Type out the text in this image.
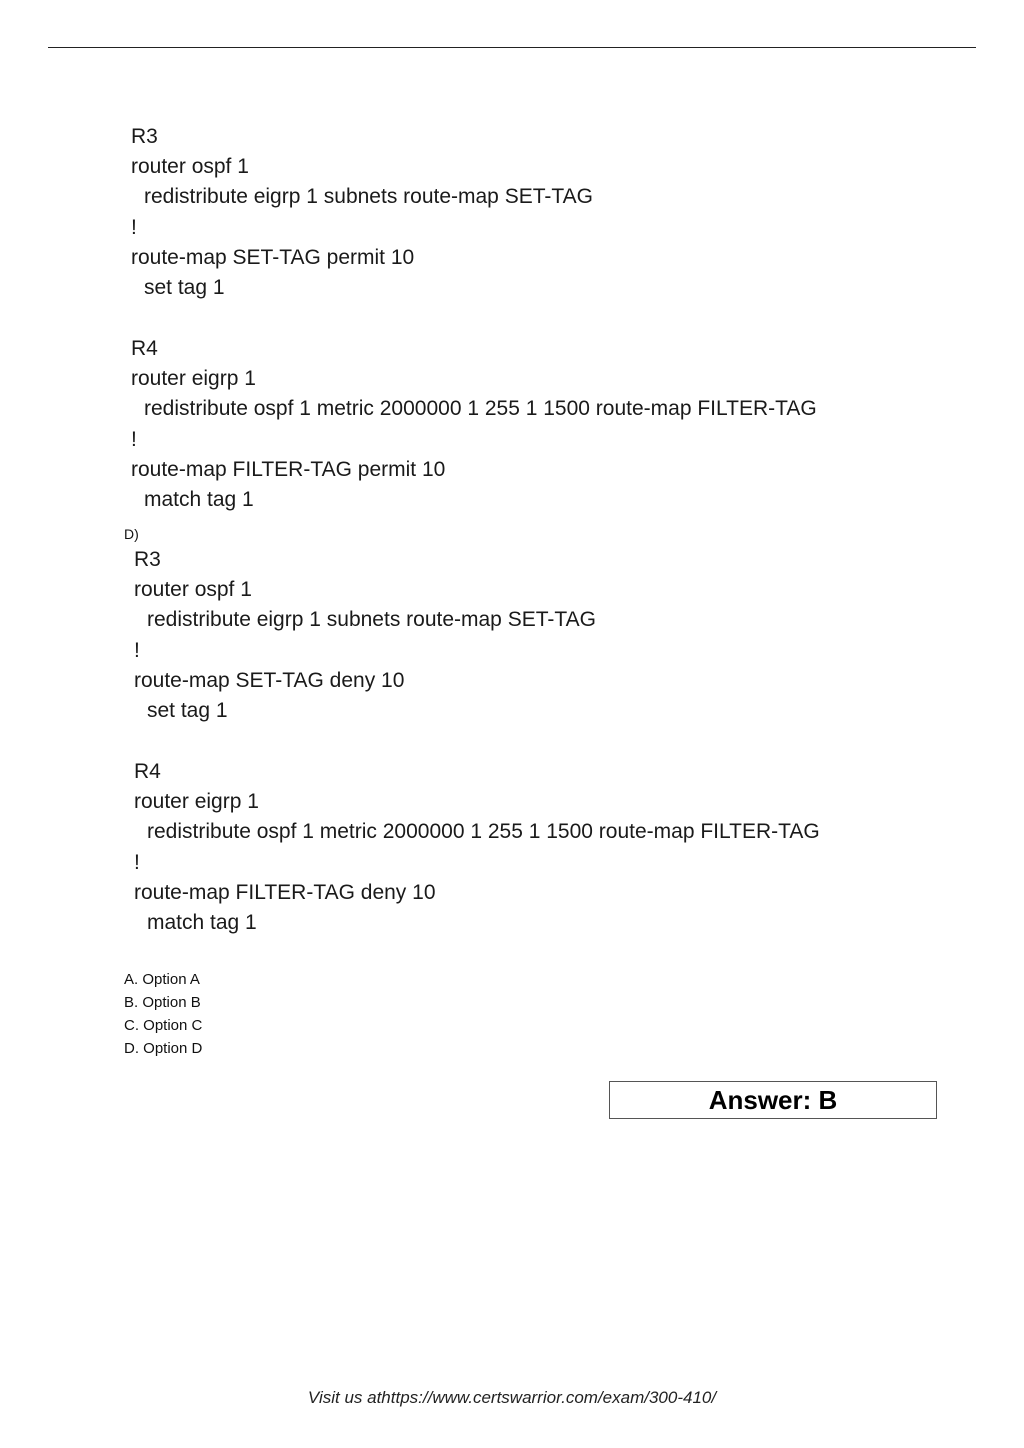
R3
router ospf 1
redistribute eigrp 1 subnets route-map SET-TAG
!
route-map SET-TAG permit 10
set tag 1
R4
router eigrp 1
redistribute ospf 1 metric 2000000 1 255 1 1500 route-map FILTER-TAG
!
route-map FILTER-TAG permit 10
match tag 1
D)
R3
router ospf 1
redistribute eigrp 1 subnets route-map SET-TAG
!
route-map SET-TAG deny 10
set tag 1
R4
router eigrp 1
redistribute ospf 1 metric 2000000 1 255 1 1500 route-map FILTER-TAG
!
route-map FILTER-TAG deny 10
match tag 1
A. Option A
B. Option B
C. Option C
D. Option D
Answer: B
Visit us athttps://www.certswarrior.com/exam/300-410/
